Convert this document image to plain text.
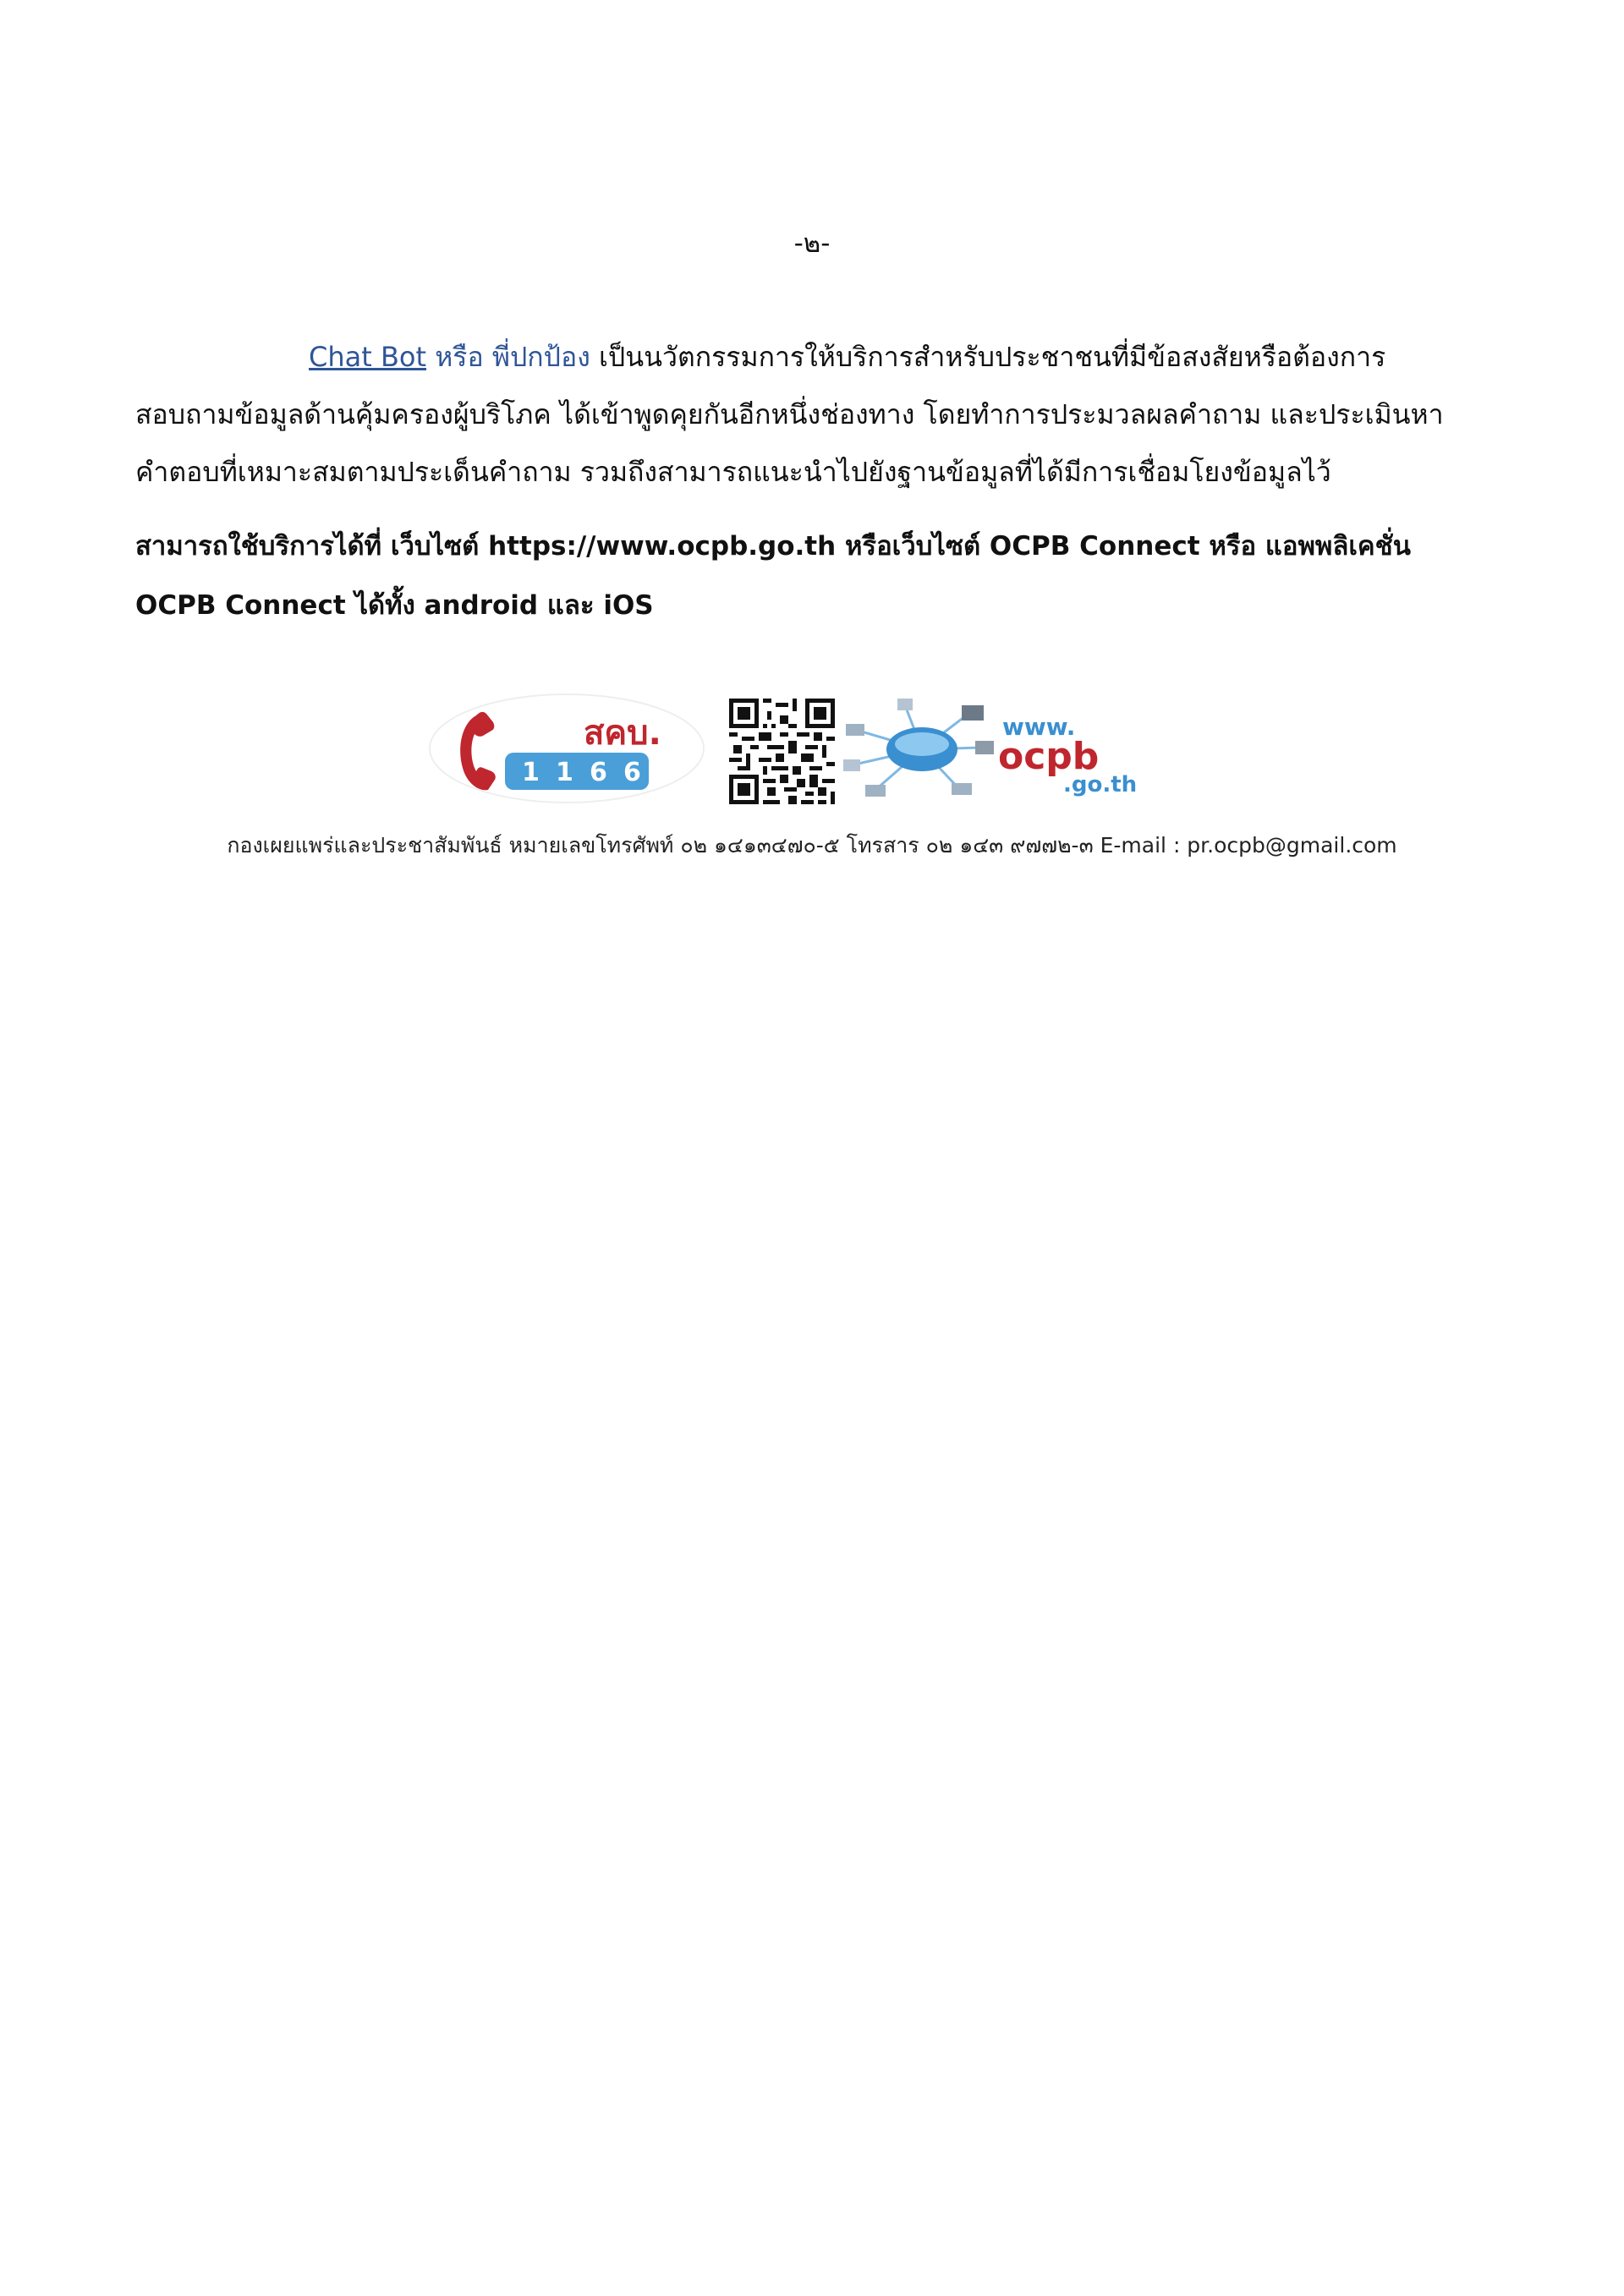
-๒-
Chat Bot หรือ พี่ปกป้อง เป็นนวัตกรรมการให้บริการสำหรับประชาชนที่มีข้อสงสัยหรือต้องการ
สอบถามข้อมูลด้านคุ้มครองผู้บริโภค ได้เข้าพูดคุยกันอีกหนึ่งช่องทาง โดยทำการประมวลผลคำถาม และประเมินหา
คำตอบที่เหมาะสมตามประเด็นคำถาม รวมถึงสามารถแนะนำไปยังฐานข้อมูลที่ได้มีการเชื่อมโยงข้อมูลไว้
สามารถใช้บริการได้ที่ เว็บไซต์ https://www.ocpb.go.th หรือเว็บไซต์ OCPB Connect หรือ แอพพลิเคชั่น
OCPB Connect ได้ทั้ง android และ iOS
1 1 6 6
สคบ.	www.
ocpb
.go.th
กองเผยแพร่และประชาสัมพันธ์ หมายเลขโทรศัพท์ ๐๒ ๑๔๑๓๔๗๐-๕ โทรสาร ๐๒ ๑๔๓ ๙๗๗๒-๓ E-mail : pr.ocpb@gmail.com
